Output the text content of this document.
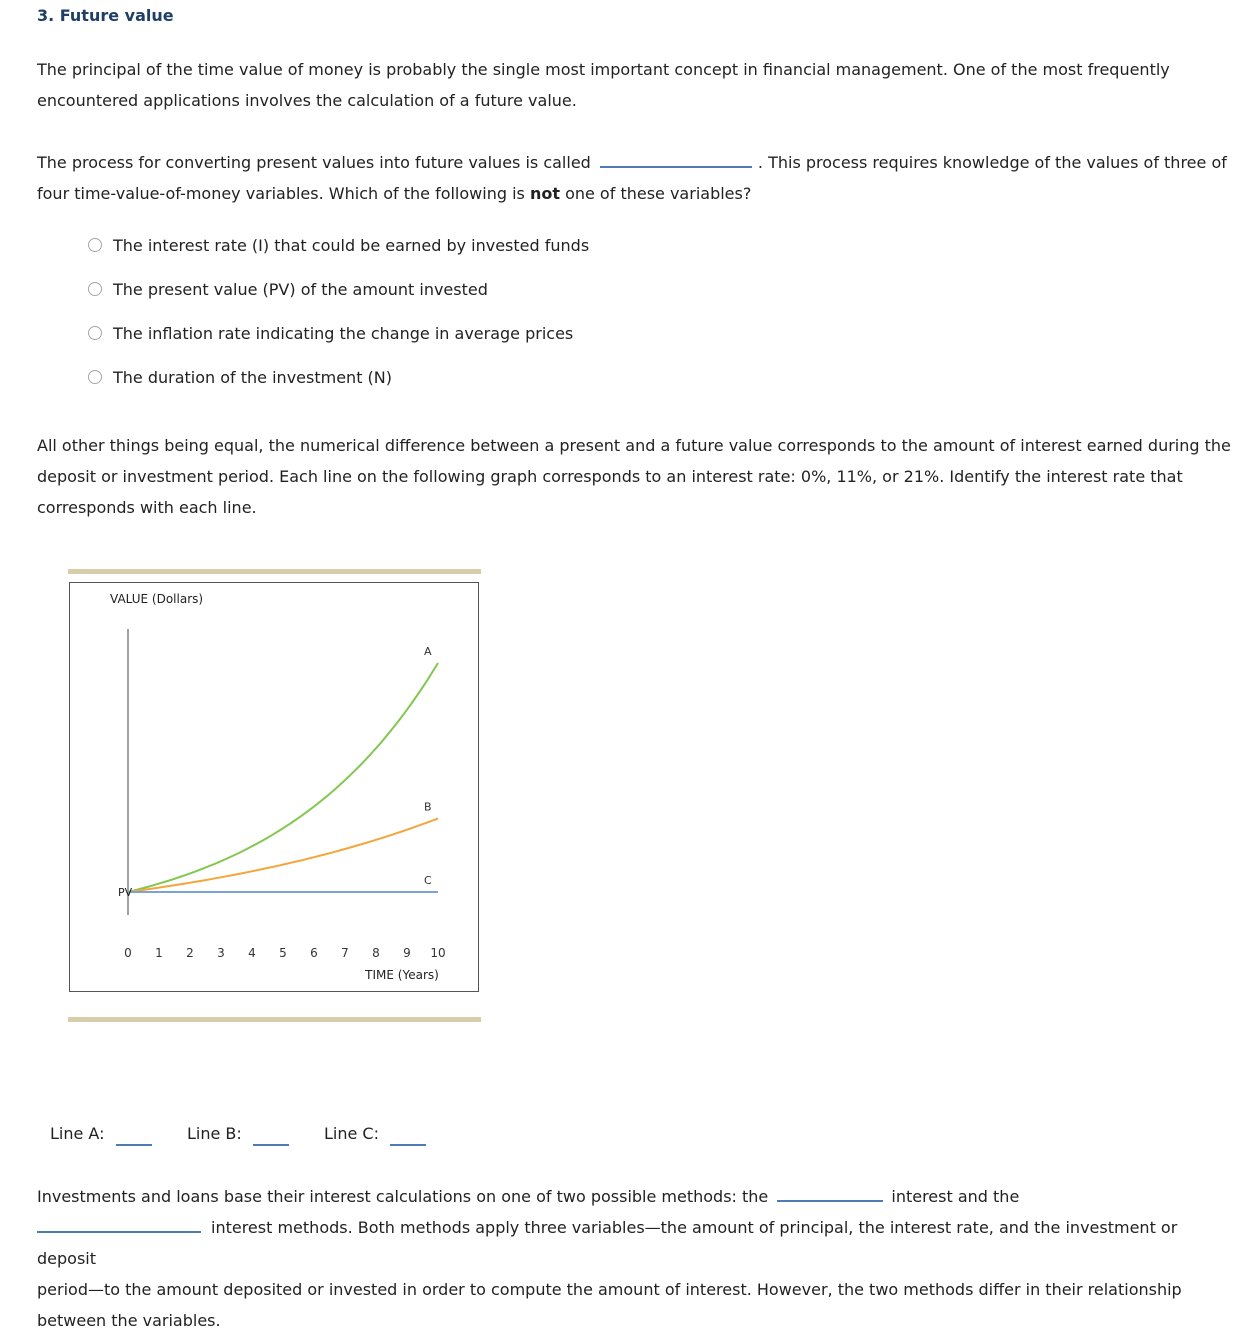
3. Future value
The principal of the time value of money is probably the single most important concept in financial management. One of the most frequently
encountered applications involves the calculation of a future value.
The process for converting present values into future values is called	. This process requires knowledge of the values of three of
four time-value-of-money variables. Which of the following is not one of these variables?
The interest rate (I) that could be earned by invested funds
The present value (PV) of the amount invested
The inflation rate indicating the change in average prices
The duration of the investment (N)
All other things being equal, the numerical difference between a present and a future value corresponds to the amount of interest earned during the
deposit or investment period. Each line on the following graph corresponds to an interest rate: 0%, 11%, or 21%. Identify the interest rate that
corresponds with each line.
VALUE (Dollars)
PV
A
B
C
0 1 2 3 4 5 6 7 8 9 10
TIME (Years)
Line A:	Line B:	Line C:
Investments and loans base their interest calculations on one of two possible methods: the	interest and the
interest methods. Both methods apply three variables—the amount of principal, the interest rate, and the investment or deposit
period—to the amount deposited or invested in order to compute the amount of interest. However, the two methods differ in their relationship
between the variables.
